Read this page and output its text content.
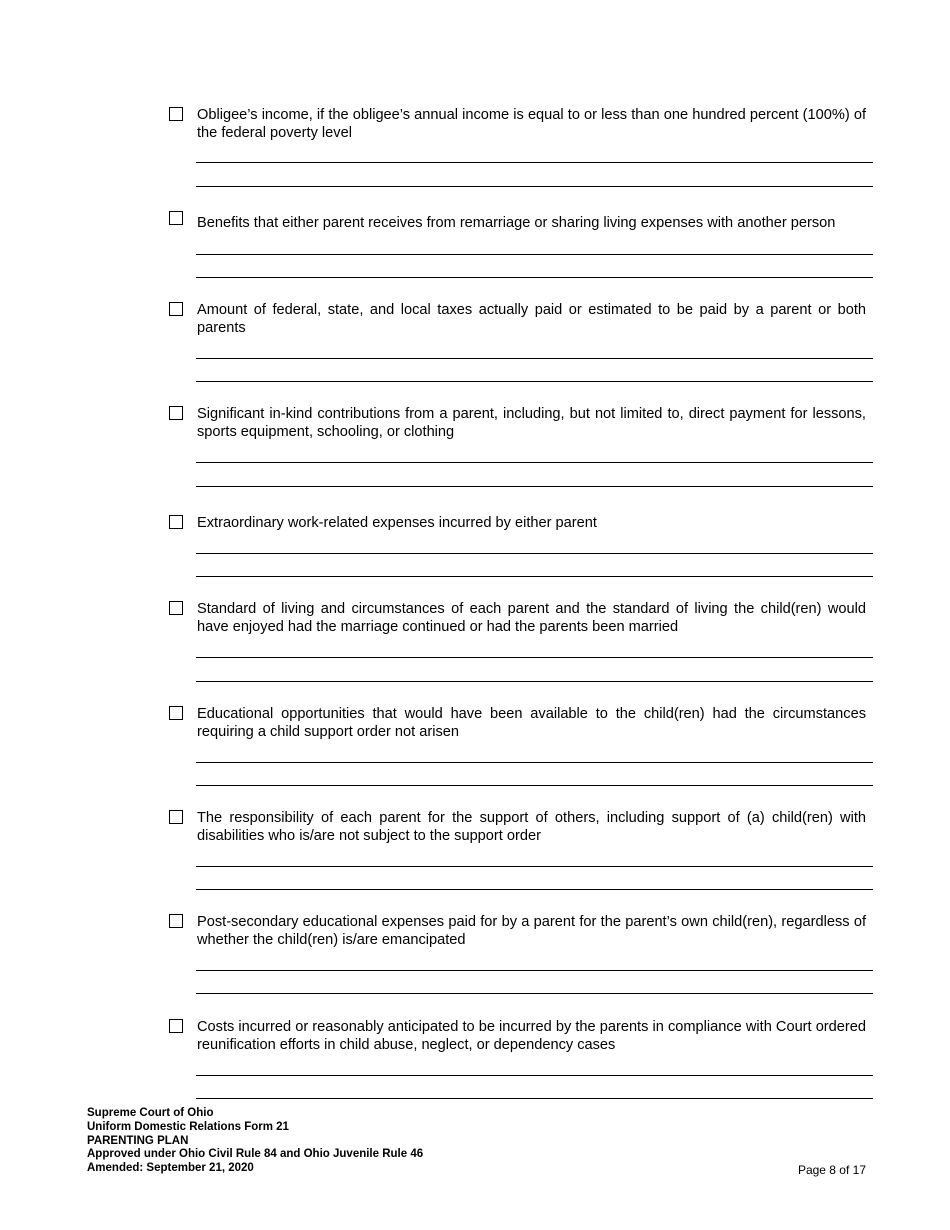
Obligee’s income, if the obligee’s annual income is equal to or less than one hundred percent (100%) of the federal poverty level
Benefits that either parent receives from remarriage or sharing living expenses with another person
Amount of federal, state, and local taxes actually paid or estimated to be paid by a parent or both parents
Significant in-kind contributions from a parent, including, but not limited to, direct payment for lessons, sports equipment, schooling, or clothing
Extraordinary work-related expenses incurred by either parent
Standard of living and circumstances of each parent and the standard of living the child(ren) would have enjoyed had the marriage continued or had the parents been married
Educational opportunities that would have been available to the child(ren) had the circumstances requiring a child support order not arisen
The responsibility of each parent for the support of others, including support of (a) child(ren) with disabilities who is/are not subject to the support order
Post-secondary educational expenses paid for by a parent for the parent’s own child(ren), regardless of whether the child(ren) is/are emancipated
Costs incurred or reasonably anticipated to be incurred by the parents in compliance with Court ordered reunification efforts in child abuse, neglect, or dependency cases
Supreme Court of Ohio
Uniform Domestic Relations Form 21
PARENTING PLAN
Approved under Ohio Civil Rule 84 and Ohio Juvenile Rule 46
Amended: September 21, 2020	Page 8 of 17
